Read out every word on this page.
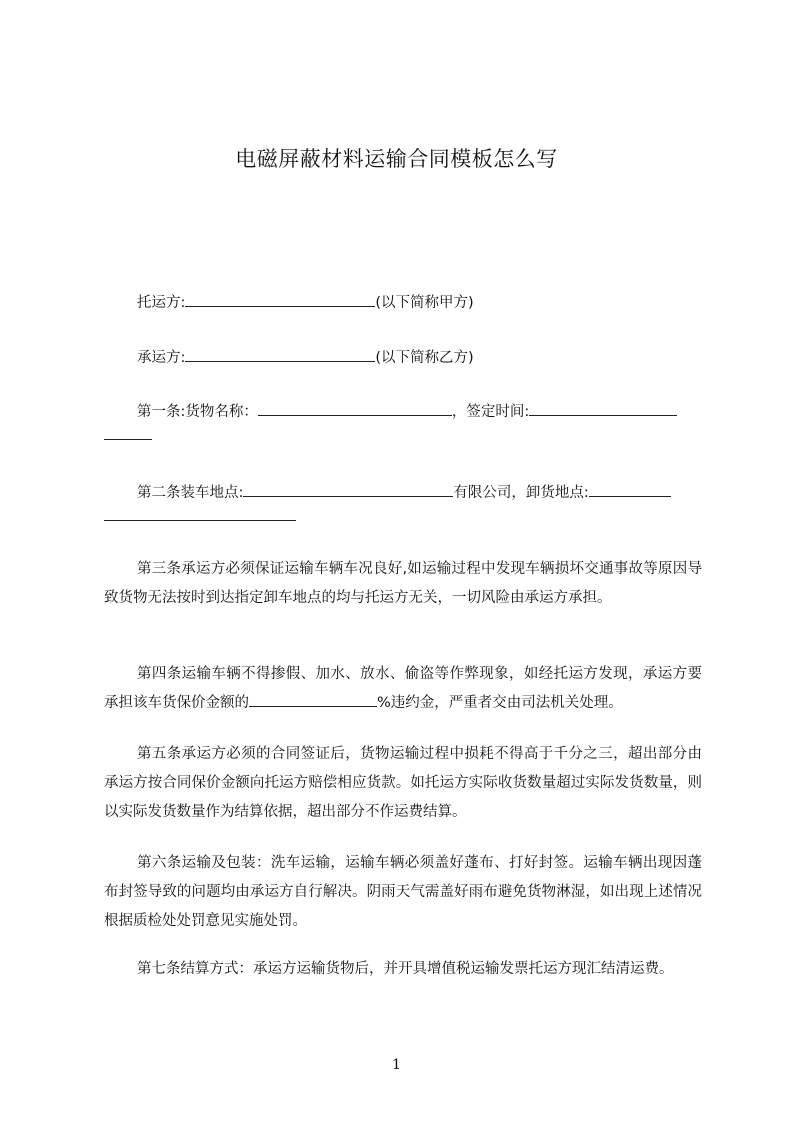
电磁屏蔽材料运输合同模板怎么写
托运方:	(以下简称甲方)
承运方:	(以下简称乙方)
第一条:货物名称：	，签定时间:
第二条装车地点:	有限公司，卸货地点:
第三条承运方必须保证运输车辆车况良好,如运输过程中发现车辆损坏交通事故等原因导致货物无法按时到达指定卸车地点的均与托运方无关，一切风险由承运方承担。
第四条运输车辆不得掺假、加水、放水、偷盗等作弊现象，如经托运方发现，承运方要承担该车货保价金额的	%违约金，严重者交由司法机关处理。
第五条承运方必须的合同签证后，货物运输过程中损耗不得高于千分之三，超出部分由承运方按合同保价金额向托运方赔偿相应货款。如托运方实际收货数量超过实际发货数量，则以实际发货数量作为结算依据，超出部分不作运费结算。
第六条运输及包装：洗车运输，运输车辆必须盖好蓬布、打好封签。运输车辆出现因蓬布封签导致的问题均由承运方自行解决。阴雨天气需盖好雨布避免货物淋湿，如出现上述情况根据质检处处罚意见实施处罚。
第七条结算方式：承运方运输货物后，并开具增值税运输发票托运方现汇结清运费。
1
